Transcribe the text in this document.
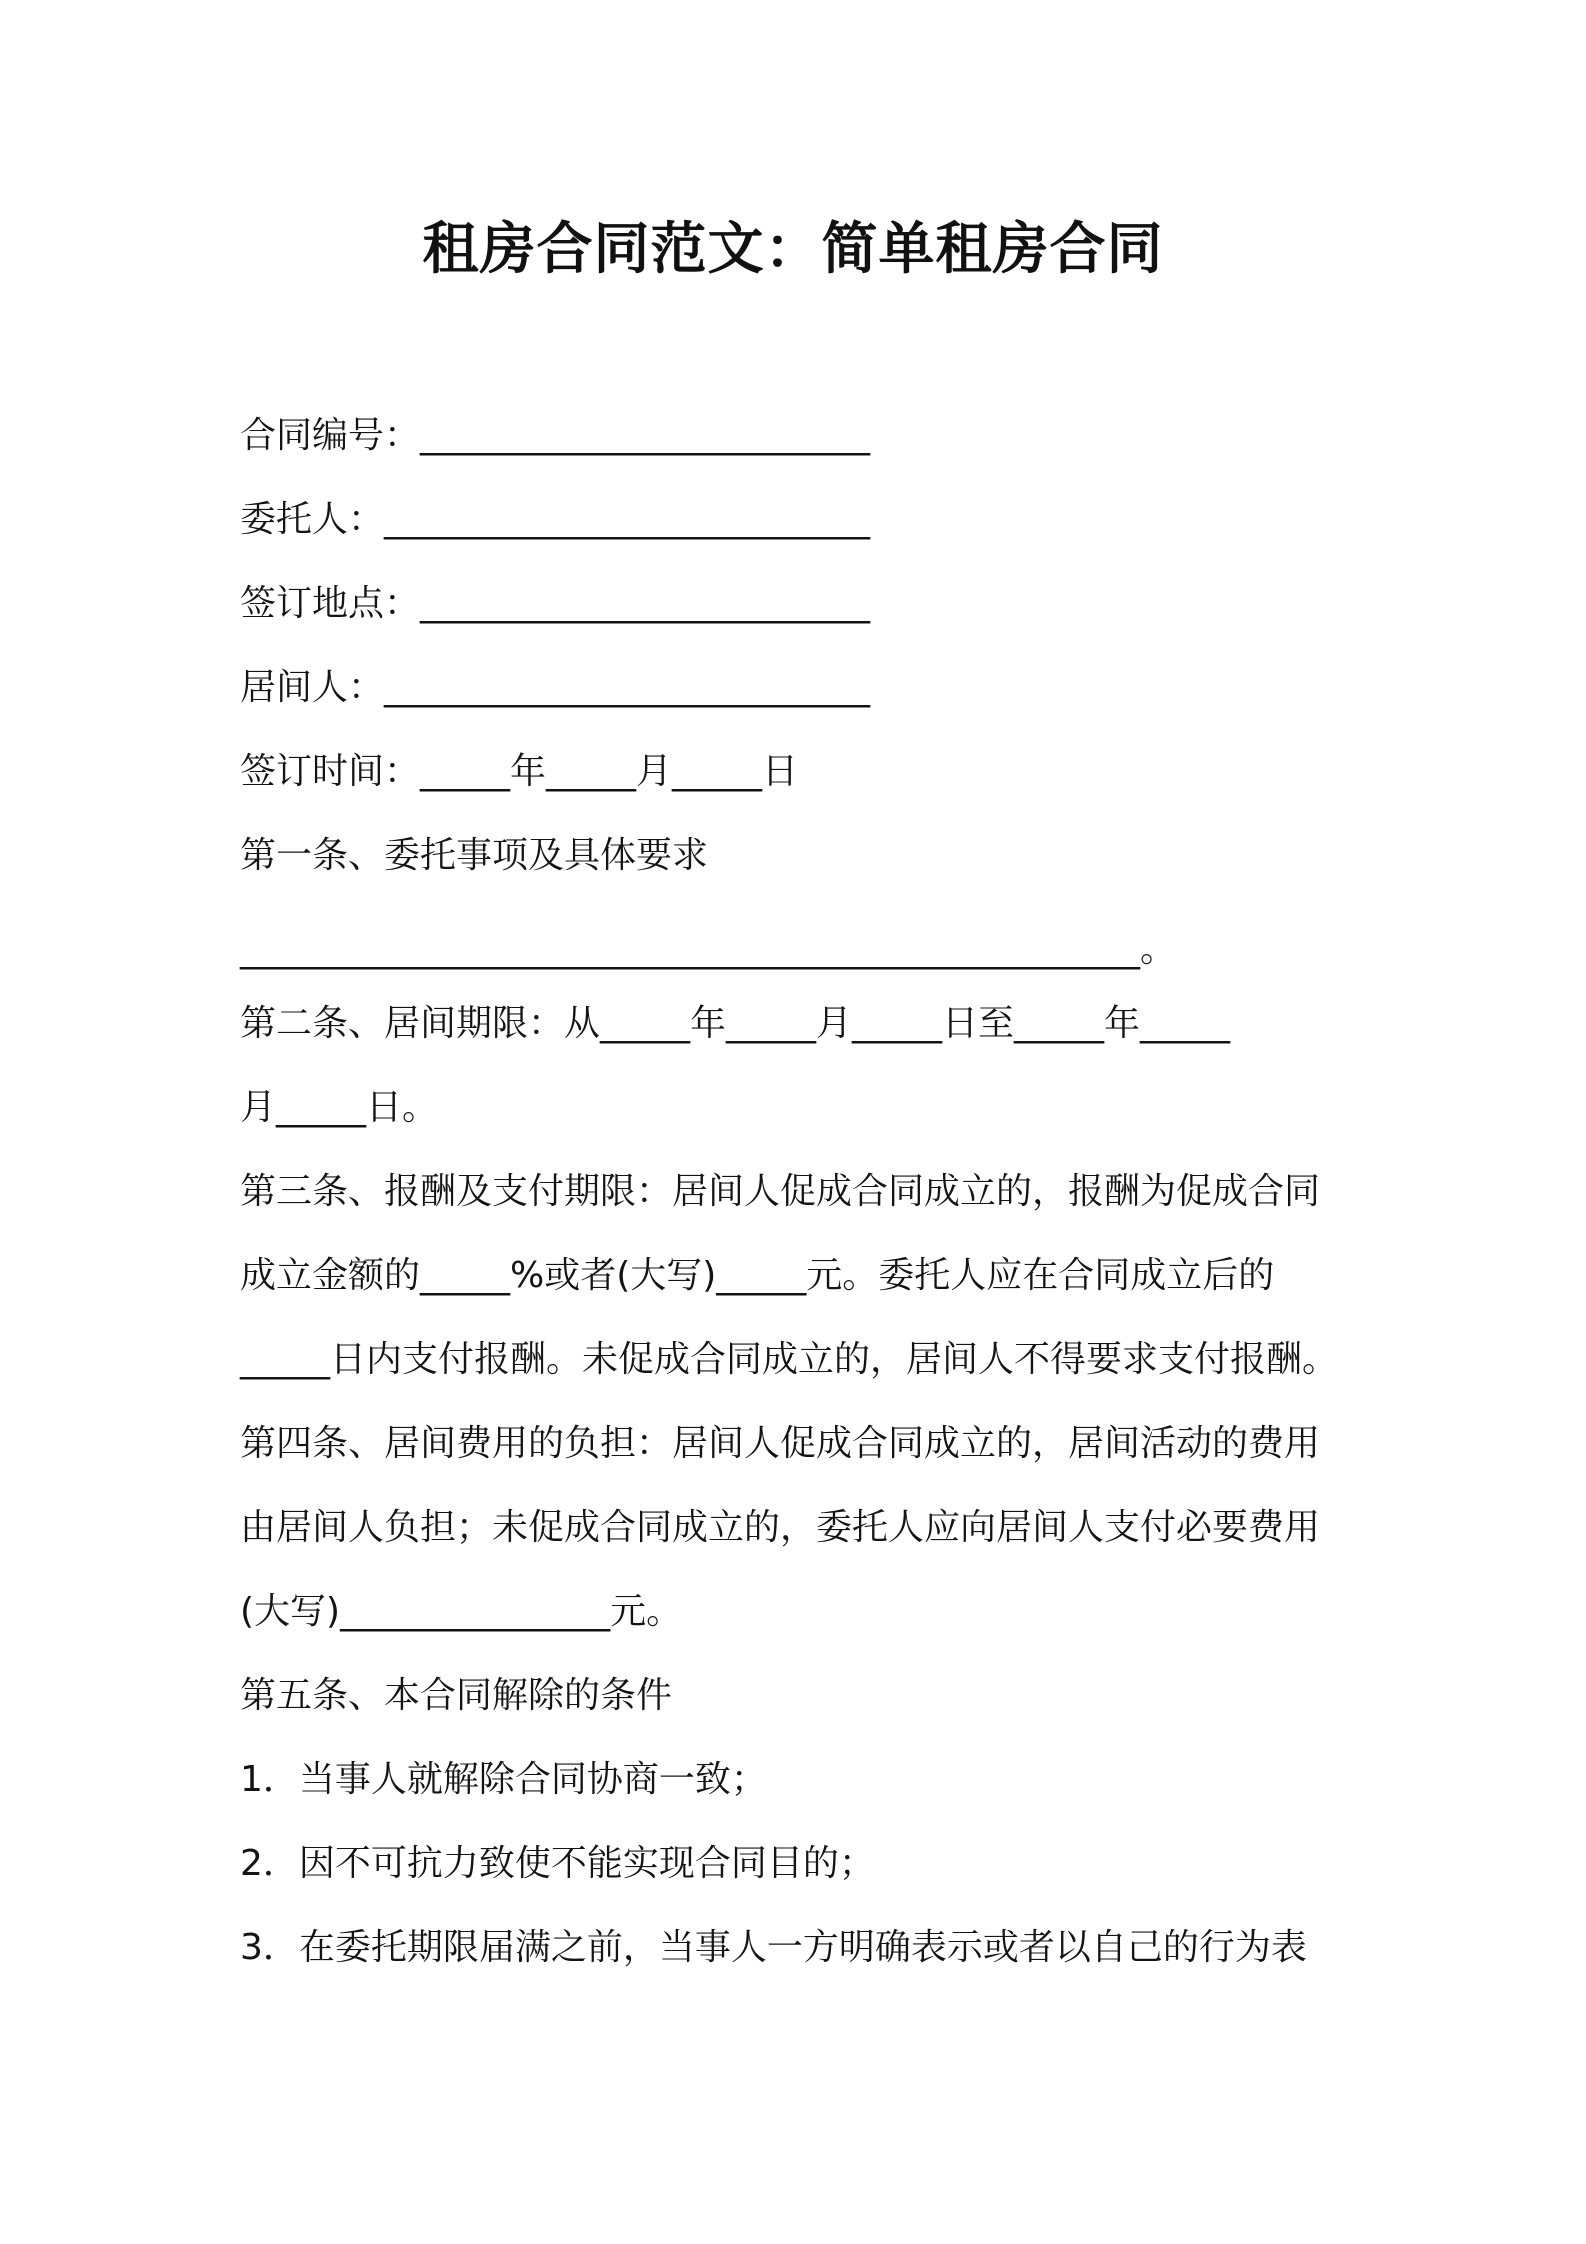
租房合同范文：简单租房合同
合同编号：_________________________
委托人：___________________________
签订地点：_________________________
居间人：___________________________
签订时间：_____年_____月_____日
第一条、委托事项及具体要求
__________________________________________________。
第二条、居间期限：从_____年_____月_____日至_____年_____
月_____日。
第三条、报酬及支付期限：居间人促成合同成立的，报酬为促成合同
成立金额的_____%或者(大写)_____元。委托人应在合同成立后的
_____日内支付报酬。未促成合同成立的，居间人不得要求支付报酬。
第四条、居间费用的负担：居间人促成合同成立的，居间活动的费用
由居间人负担；未促成合同成立的，委托人应向居间人支付必要费用
(大写)_______________元。
第五条、本合同解除的条件
1．当事人就解除合同协商一致；
2．因不可抗力致使不能实现合同目的；
3．在委托期限届满之前，当事人一方明确表示或者以自己的行为表
